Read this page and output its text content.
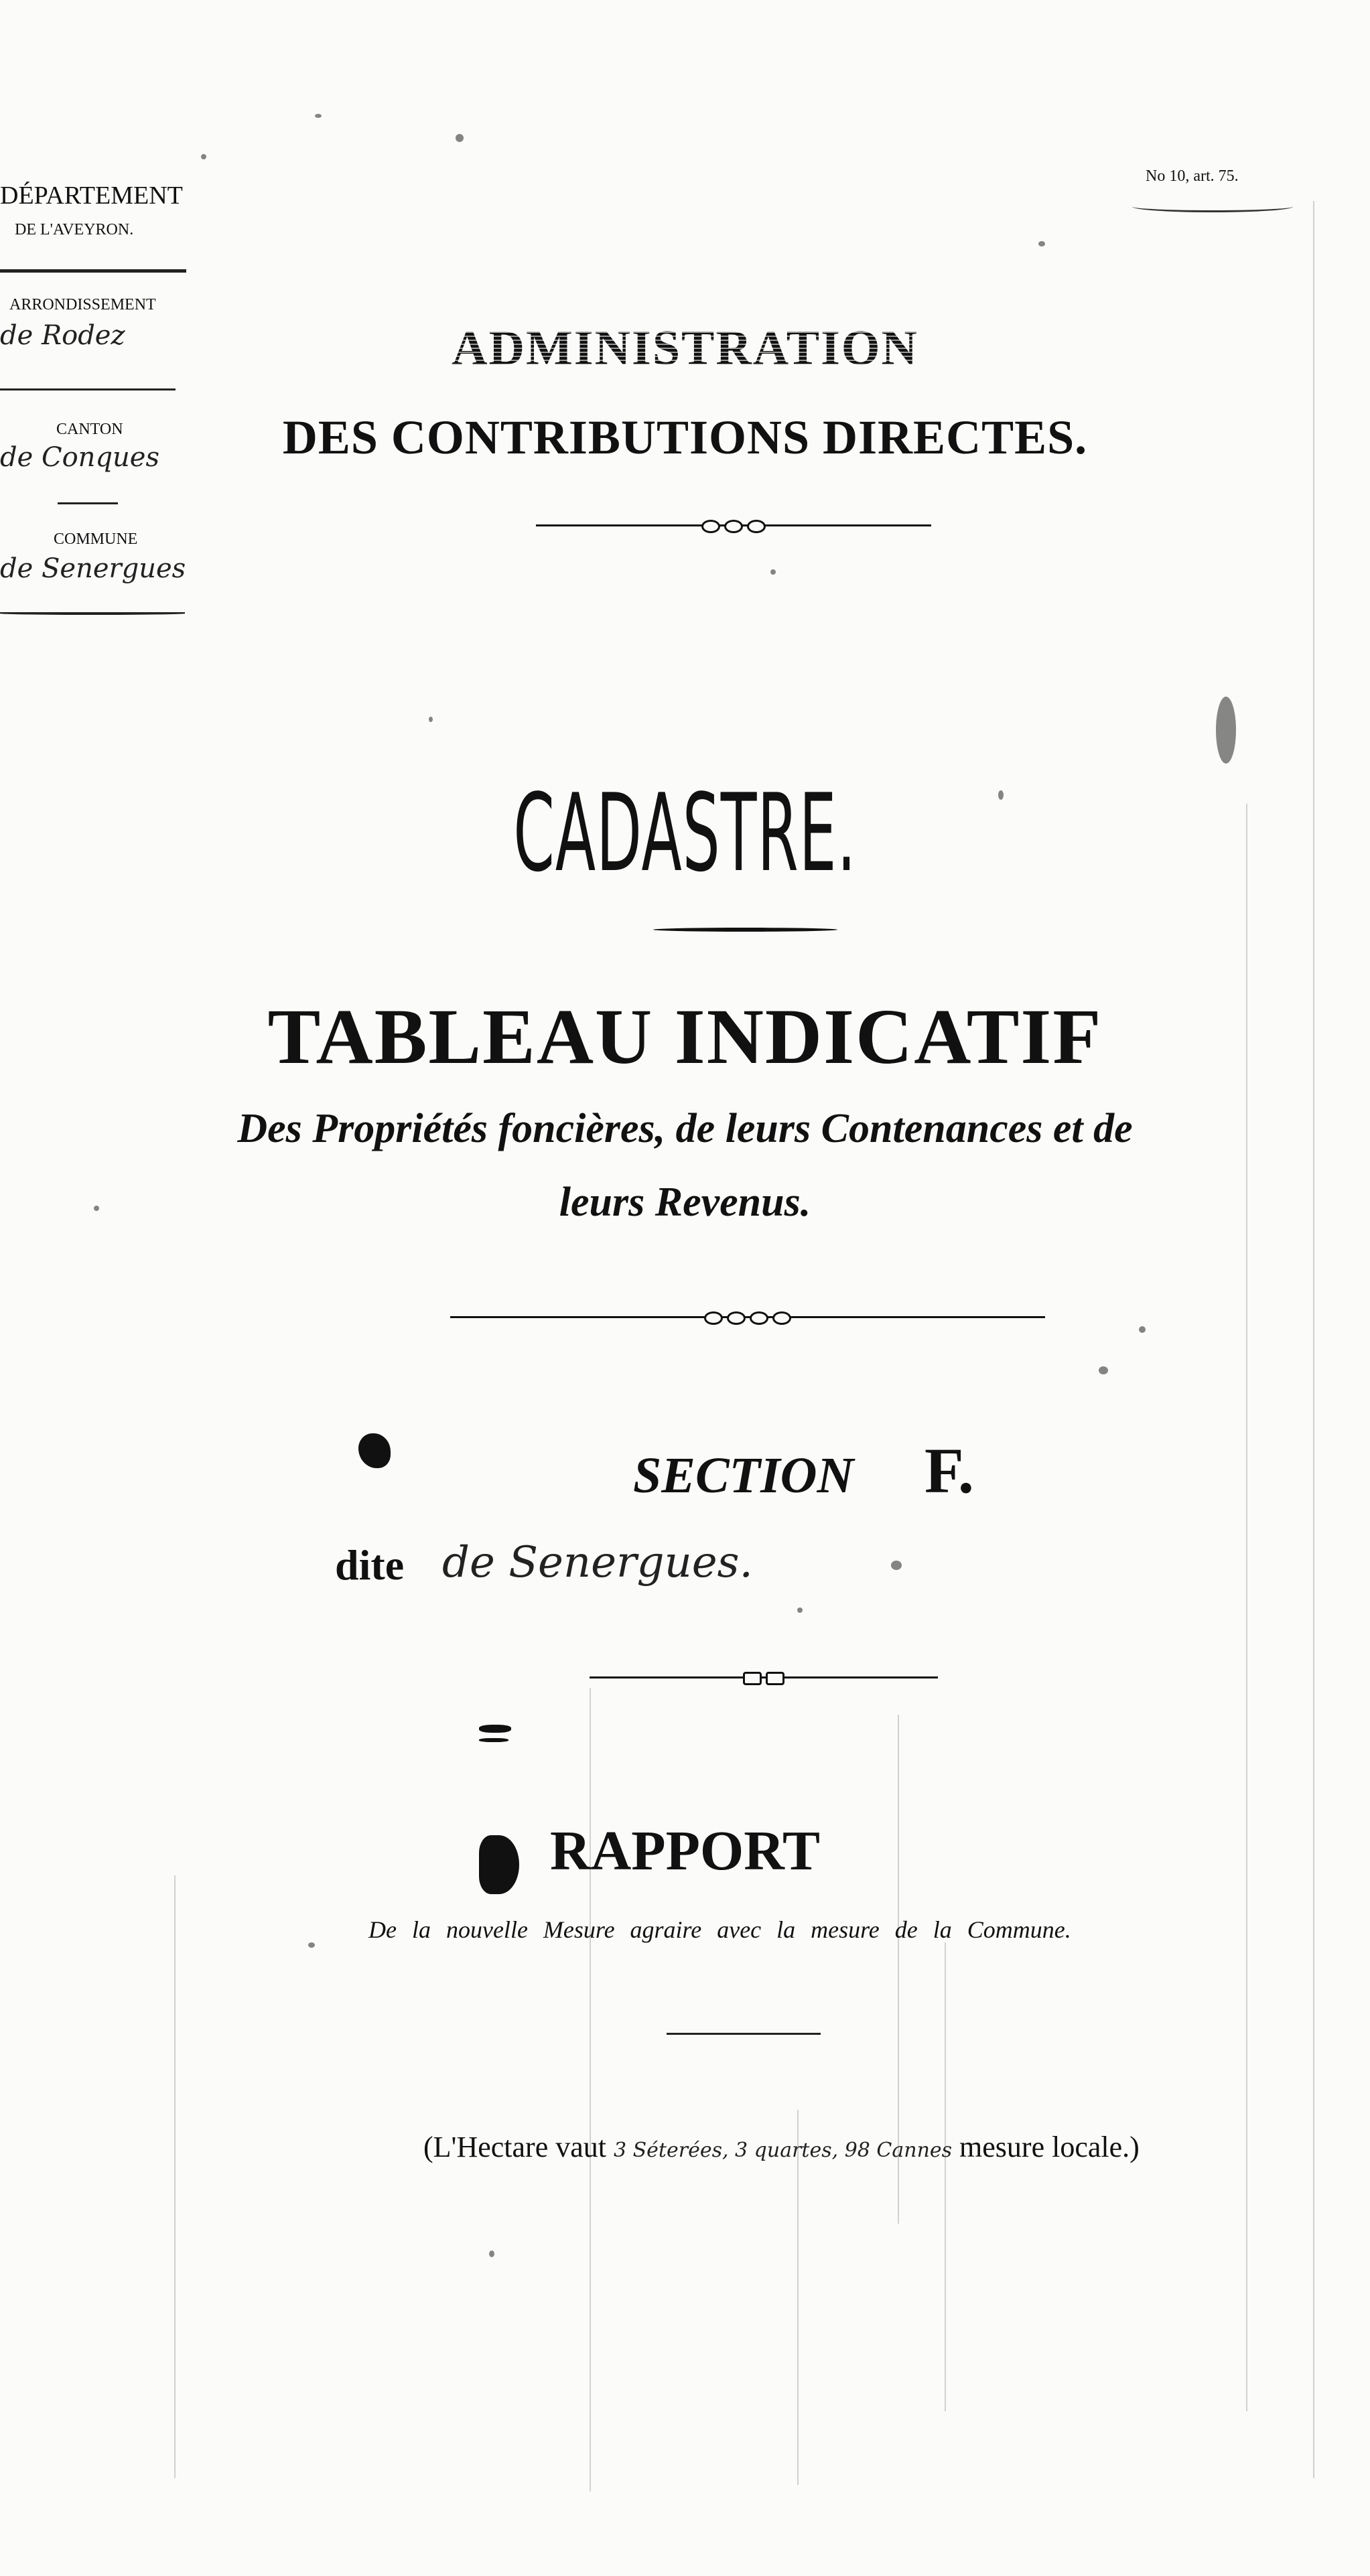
DÉPARTEMENT
DE L'AVEYRON.
ARRONDISSEMENT
de Rodez
CANTON
de Conques
COMMUNE
de Senergues
No 10, art. 75.
ADMINISTRATION
DES CONTRIBUTIONS DIRECTES.
CADASTRE.
TABLEAU INDICATIF
Des Propriétés foncières, de leurs Contenances et de
leurs Revenus.
SECTION F.
dite de Senergues.
RAPPORT
De la nouvelle Mesure agraire avec la mesure de la Commune.
(L'Hectare vaut 3 Séterées, 3 quartes, 98 Cannes mesure locale.)
